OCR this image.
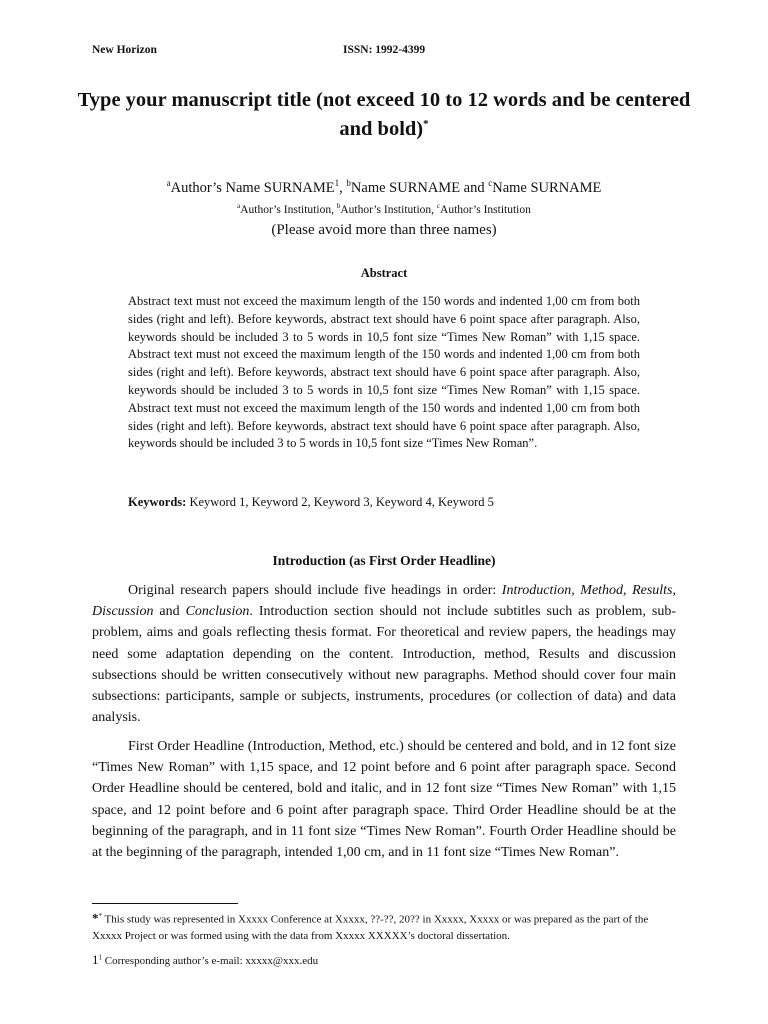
New Horizon	ISSN: 1992-4399
Type your manuscript title (not exceed 10 to 12 words and be centered and bold)*
$^a$Author’s Name SURNAME$^1$, $^b$Name SURNAME and $^c$Name SURNAME
$^a$Author’s Institution, $^b$Author’s Institution, $^c$Author’s Institution
(Please avoid more than three names)
Abstract

Abstract text must not exceed the maximum length of the 150 words and indented 1,00 cm from both sides (right and left). Before keywords, abstract text should have 6 point space after paragraph. Also, keywords should be included 3 to 5 words in 10,5 font size “Times New Roman” with 1,15 space. Abstract text must not exceed the maximum length of the 150 words and indented 1,00 cm from both sides (right and left). Before keywords, abstract text should have 6 point space after paragraph. Also, keywords should be included 3 to 5 words in 10,5 font size “Times New Roman” with 1,15 space. Abstract text must not exceed the maximum length of the 150 words and indented 1,00 cm from both sides (right and left). Before keywords, abstract text should have 6 point space after paragraph. Also, keywords should be included 3 to 5 words in 10,5 font size “Times New Roman”.

Keywords: Keyword 1, Keyword 2, Keyword 3, Keyword 4, Keyword 5
Introduction (as First Order Headline)

Original research papers should include five headings in order: Introduction, Method, Results, Discussion and Conclusion. Introduction section should not include subtitles such as problem, sub-problem, aims and goals reflecting thesis format. For theoretical and review papers, the headings may need some adaptation depending on the content. Introduction, method, Results and discussion subsections should be written consecutively without new paragraphs. Method should cover four main subsections: participants, sample or subjects, instruments, procedures (or collection of data) and data analysis.

First Order Headline (Introduction, Method, etc.) should be centered and bold, and in 12 font size “Times New Roman” with 1,15 space, and 12 point before and 6 point after paragraph space. Second Order Headline should be centered, bold and italic, and in 12 font size “Times New Roman” with 1,15 space, and 12 point before and 6 point after paragraph space. Third Order Headline should be at the beginning of the paragraph, and in 11 font size “Times New Roman”. Fourth Order Headline should be at the beginning of the paragraph, intended 1,00 cm, and in 11 font size “Times New Roman”.

** This study was represented in Xxxxx Conference at Xxxxx, ??-??, 20?? in Xxxxx, Xxxxx or was prepared as the part of the Xxxxx Project or was formed using with the data from Xxxxx XXXXX’s doctoral dissertation.

$1^1$ Corresponding author’s e-mail: xxxxx@xxx.edu
